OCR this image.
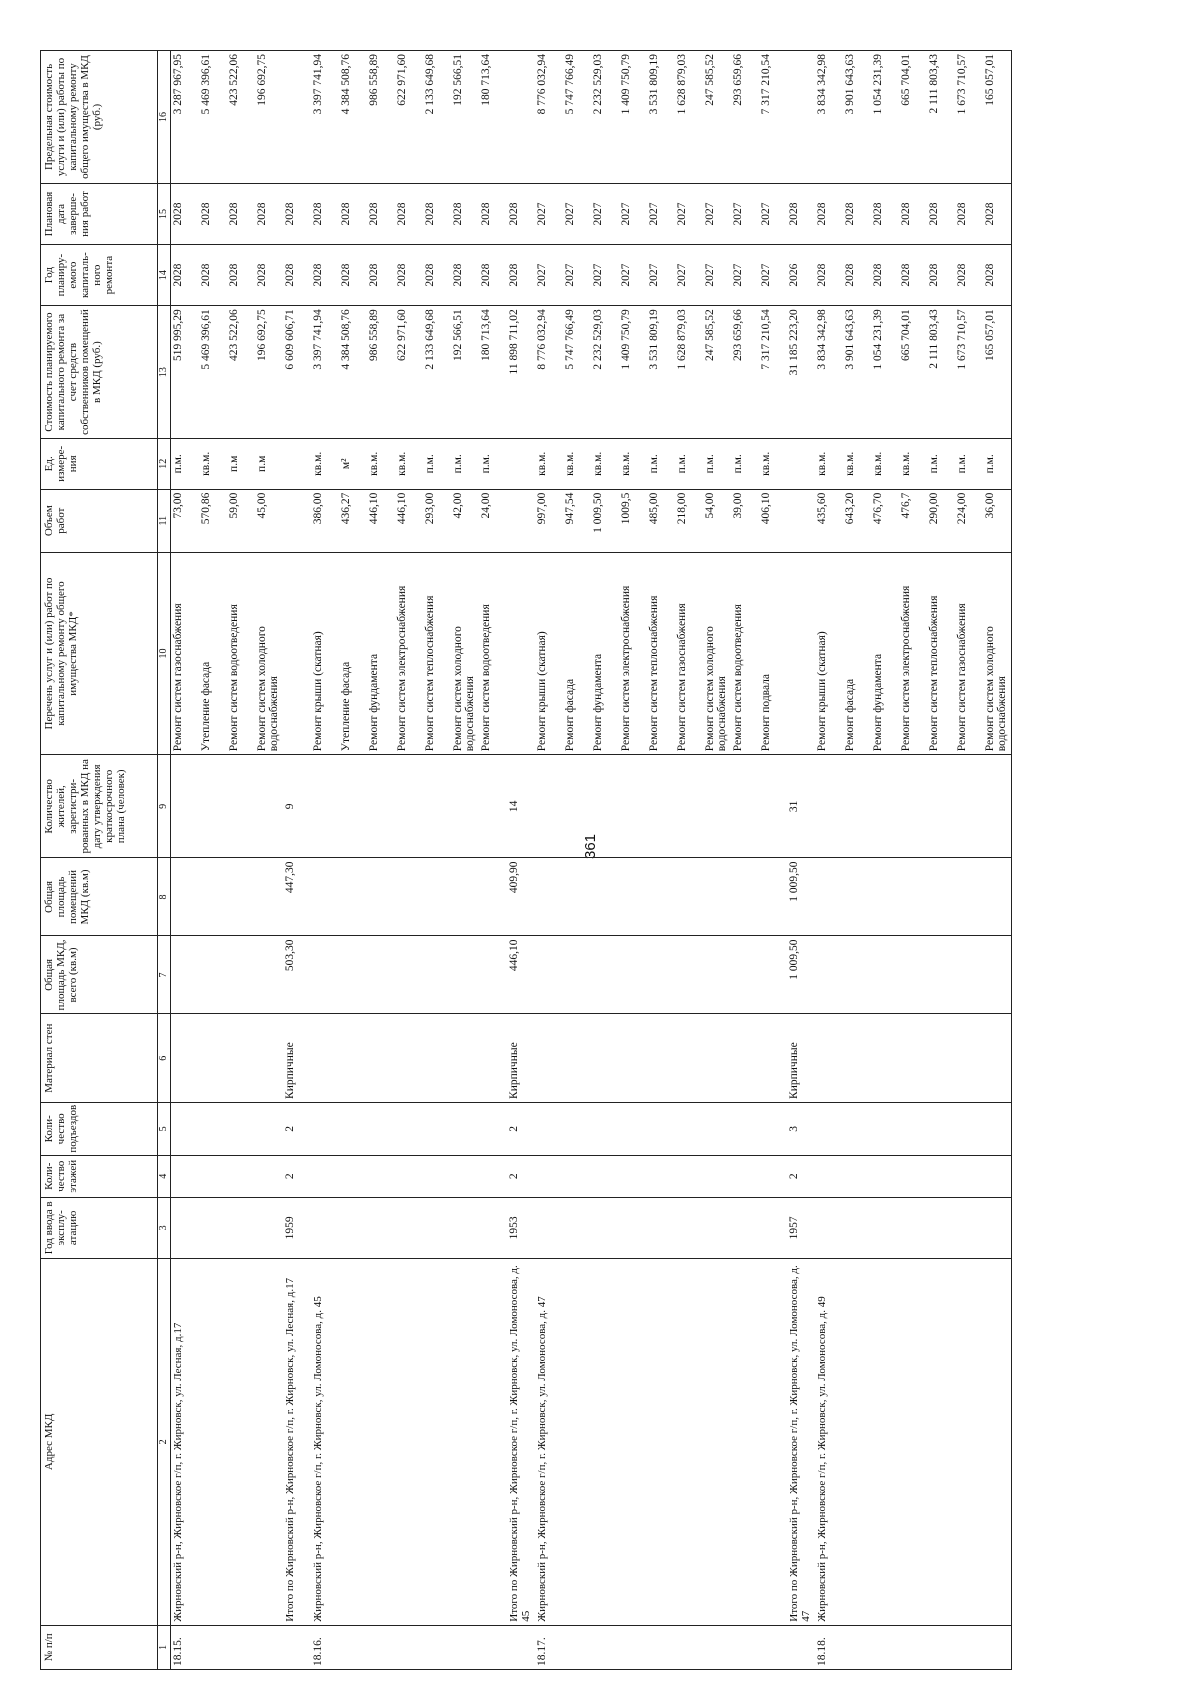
361
№ п/п	Адрес МКД	Год ввода в эксплу-атацию	Коли-чество этажей	Коли-чество подъездов	Материал стен	Общая площадь МКД, всего (кв.м)	Общая площадь помещений МКД (кв.м)	Количество жителей, зарегистри-рованных в МКД на дату утверждения краткосрочного плана (человек)	Перечень услуг и (или) работ по капитальному ремонту общего имущества МКД*	Объем работ	Ед. измере-ния	Стоимость планируемого капитального ремонта за счет средств собственников помещений в МКД (руб.)	Год планиру-емого капиталь-ного ремонта	Плановая дата заверше-ния работ	Предельная стоимость услуги и (или) работы по капитальному ремонту общего имущества в МКД (руб.)
1	2	3	4	5	6	7	8	9	10	11	12	13	14	15	16
18.15.	Жирновский р-н, Жирновское г/п, г. Жирновск, ул. Лесная, д.17								Ремонт систем газоснабжения	73,00	п.м.	519 995,29	2028	2028	3 287 967,95
									Утепление фасада	570,86	кв.м.	5 469 396,61	2028	2028	5 469 396,61
									Ремонт систем водоотведения	59,00	п.м	423 522,06	2028	2028	423 522,06
									Ремонт систем холодного водоснабжения	45,00	п.м	196 692,75	2028	2028	196 692,75
	Итого по Жирновский р-н, Жирновское г/п, г. Жирновск, ул. Лесная, д.17	1959	2	2	Кирпичные	503,30	447,30	9				6 609 606,71	2028	2028	
18.16.	Жирновский р-н, Жирновское г/п, г. Жирновск, ул. Ломоносова, д. 45								Ремонт крыши (скатная)	386,00	кв.м.	3 397 741,94	2028	2028	3 397 741,94
									Утепление фасада	436,27	м²	4 384 508,76	2028	2028	4 384 508,76
									Ремонт фундамента	446,10	кв.м.	986 558,89	2028	2028	986 558,89
									Ремонт систем электроснабжения	446,10	кв.м.	622 971,60	2028	2028	622 971,60
									Ремонт систем теплоснабжения	293,00	п.м.	2 133 649,68	2028	2028	2 133 649,68
									Ремонт систем холодного водоснабжения	42,00	п.м.	192 566,51	2028	2028	192 566,51
									Ремонт систем водоотведения	24,00	п.м.	180 713,64	2028	2028	180 713,64
	Итого по Жирновский р-н, Жирновское г/п, г. Жирновск, ул. Ломоносова, д. 45	1953	2	2	Кирпичные	446,10	409,90	14				11 898 711,02	2028	2028	
18.17.	Жирновский р-н, Жирновское г/п, г. Жирновск, ул. Ломоносова, д. 47								Ремонт крыши (скатная)	997,00	кв.м.	8 776 032,94	2027	2027	8 776 032,94
									Ремонт фасада	947,54	кв.м.	5 747 766,49	2027	2027	5 747 766,49
									Ремонт фундамента	1 009,50	кв.м.	2 232 529,03	2027	2027	2 232 529,03
									Ремонт систем электроснабжения	1009,5	кв.м.	1 409 750,79	2027	2027	1 409 750,79
									Ремонт систем теплоснабжения	485,00	п.м.	3 531 809,19	2027	2027	3 531 809,19
									Ремонт систем газоснабжения	218,00	п.м.	1 628 879,03	2027	2027	1 628 879,03
									Ремонт систем холодного водоснабжения	54,00	п.м.	247 585,52	2027	2027	247 585,52
									Ремонт систем водоотведения	39,00	п.м.	293 659,66	2027	2027	293 659,66
									Ремонт подвала	406,10	кв.м.	7 317 210,54	2027	2027	7 317 210,54
	Итого по Жирновский р-н, Жирновское г/п, г. Жирновск, ул. Ломоносова, д. 47	1957	2	3	Кирпичные	1 009,50	1 009,50	31				31 185 223,20	2026	2028	
18.18.	Жирновский р-н, Жирновское г/п, г. Жирновск, ул. Ломоносова, д. 49								Ремонт крыши (скатная)	435,60	кв.м.	3 834 342,98	2028	2028	3 834 342,98
									Ремонт фасада	643,20	кв.м.	3 901 643,63	2028	2028	3 901 643,63
									Ремонт фундамента	476,70	кв.м.	1 054 231,39	2028	2028	1 054 231,39
									Ремонт систем электроснабжения	476,7	кв.м.	665 704,01	2028	2028	665 704,01
									Ремонт систем теплоснабжения	290,00	п.м.	2 111 803,43	2028	2028	2 111 803,43
									Ремонт систем газоснабжения	224,00	п.м.	1 673 710,57	2028	2028	1 673 710,57
									Ремонт систем холодного водоснабжения	36,00	п.м.	165 057,01	2028	2028	165 057,01
